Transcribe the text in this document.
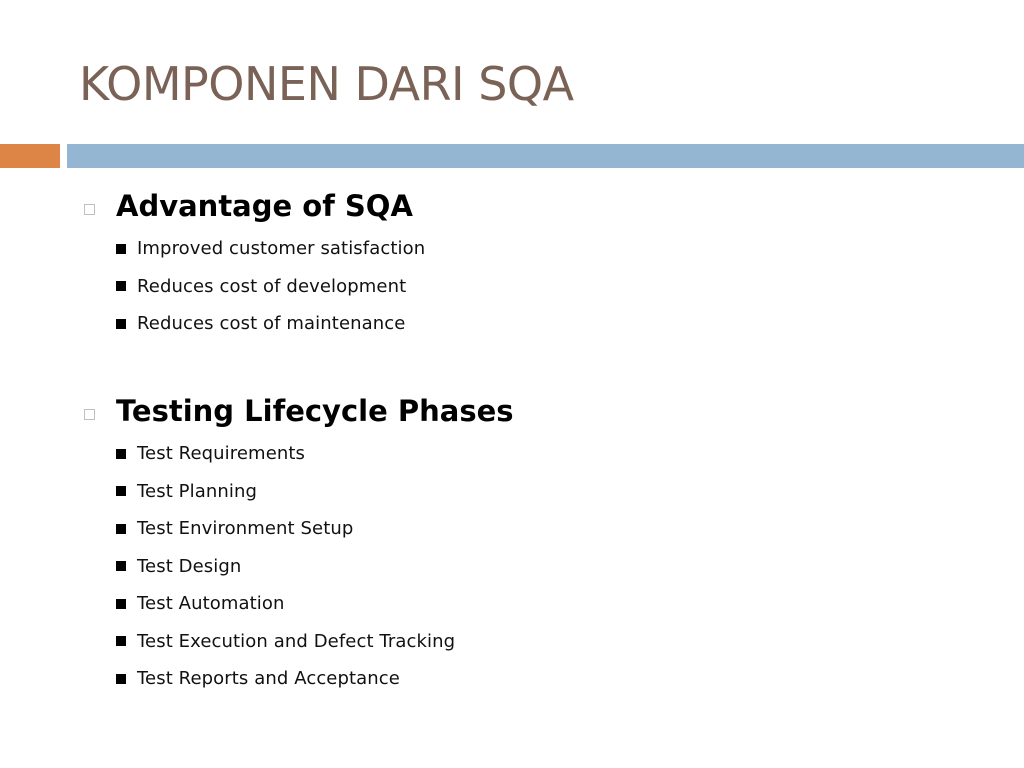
KOMPONEN DARI SQA
Advantage of SQA
Improved customer satisfaction
Reduces cost of development
Reduces cost of maintenance
Testing Lifecycle Phases
Test Requirements
Test Planning
Test Environment Setup
Test Design
Test Automation
Test Execution and Defect Tracking
Test Reports and Acceptance
